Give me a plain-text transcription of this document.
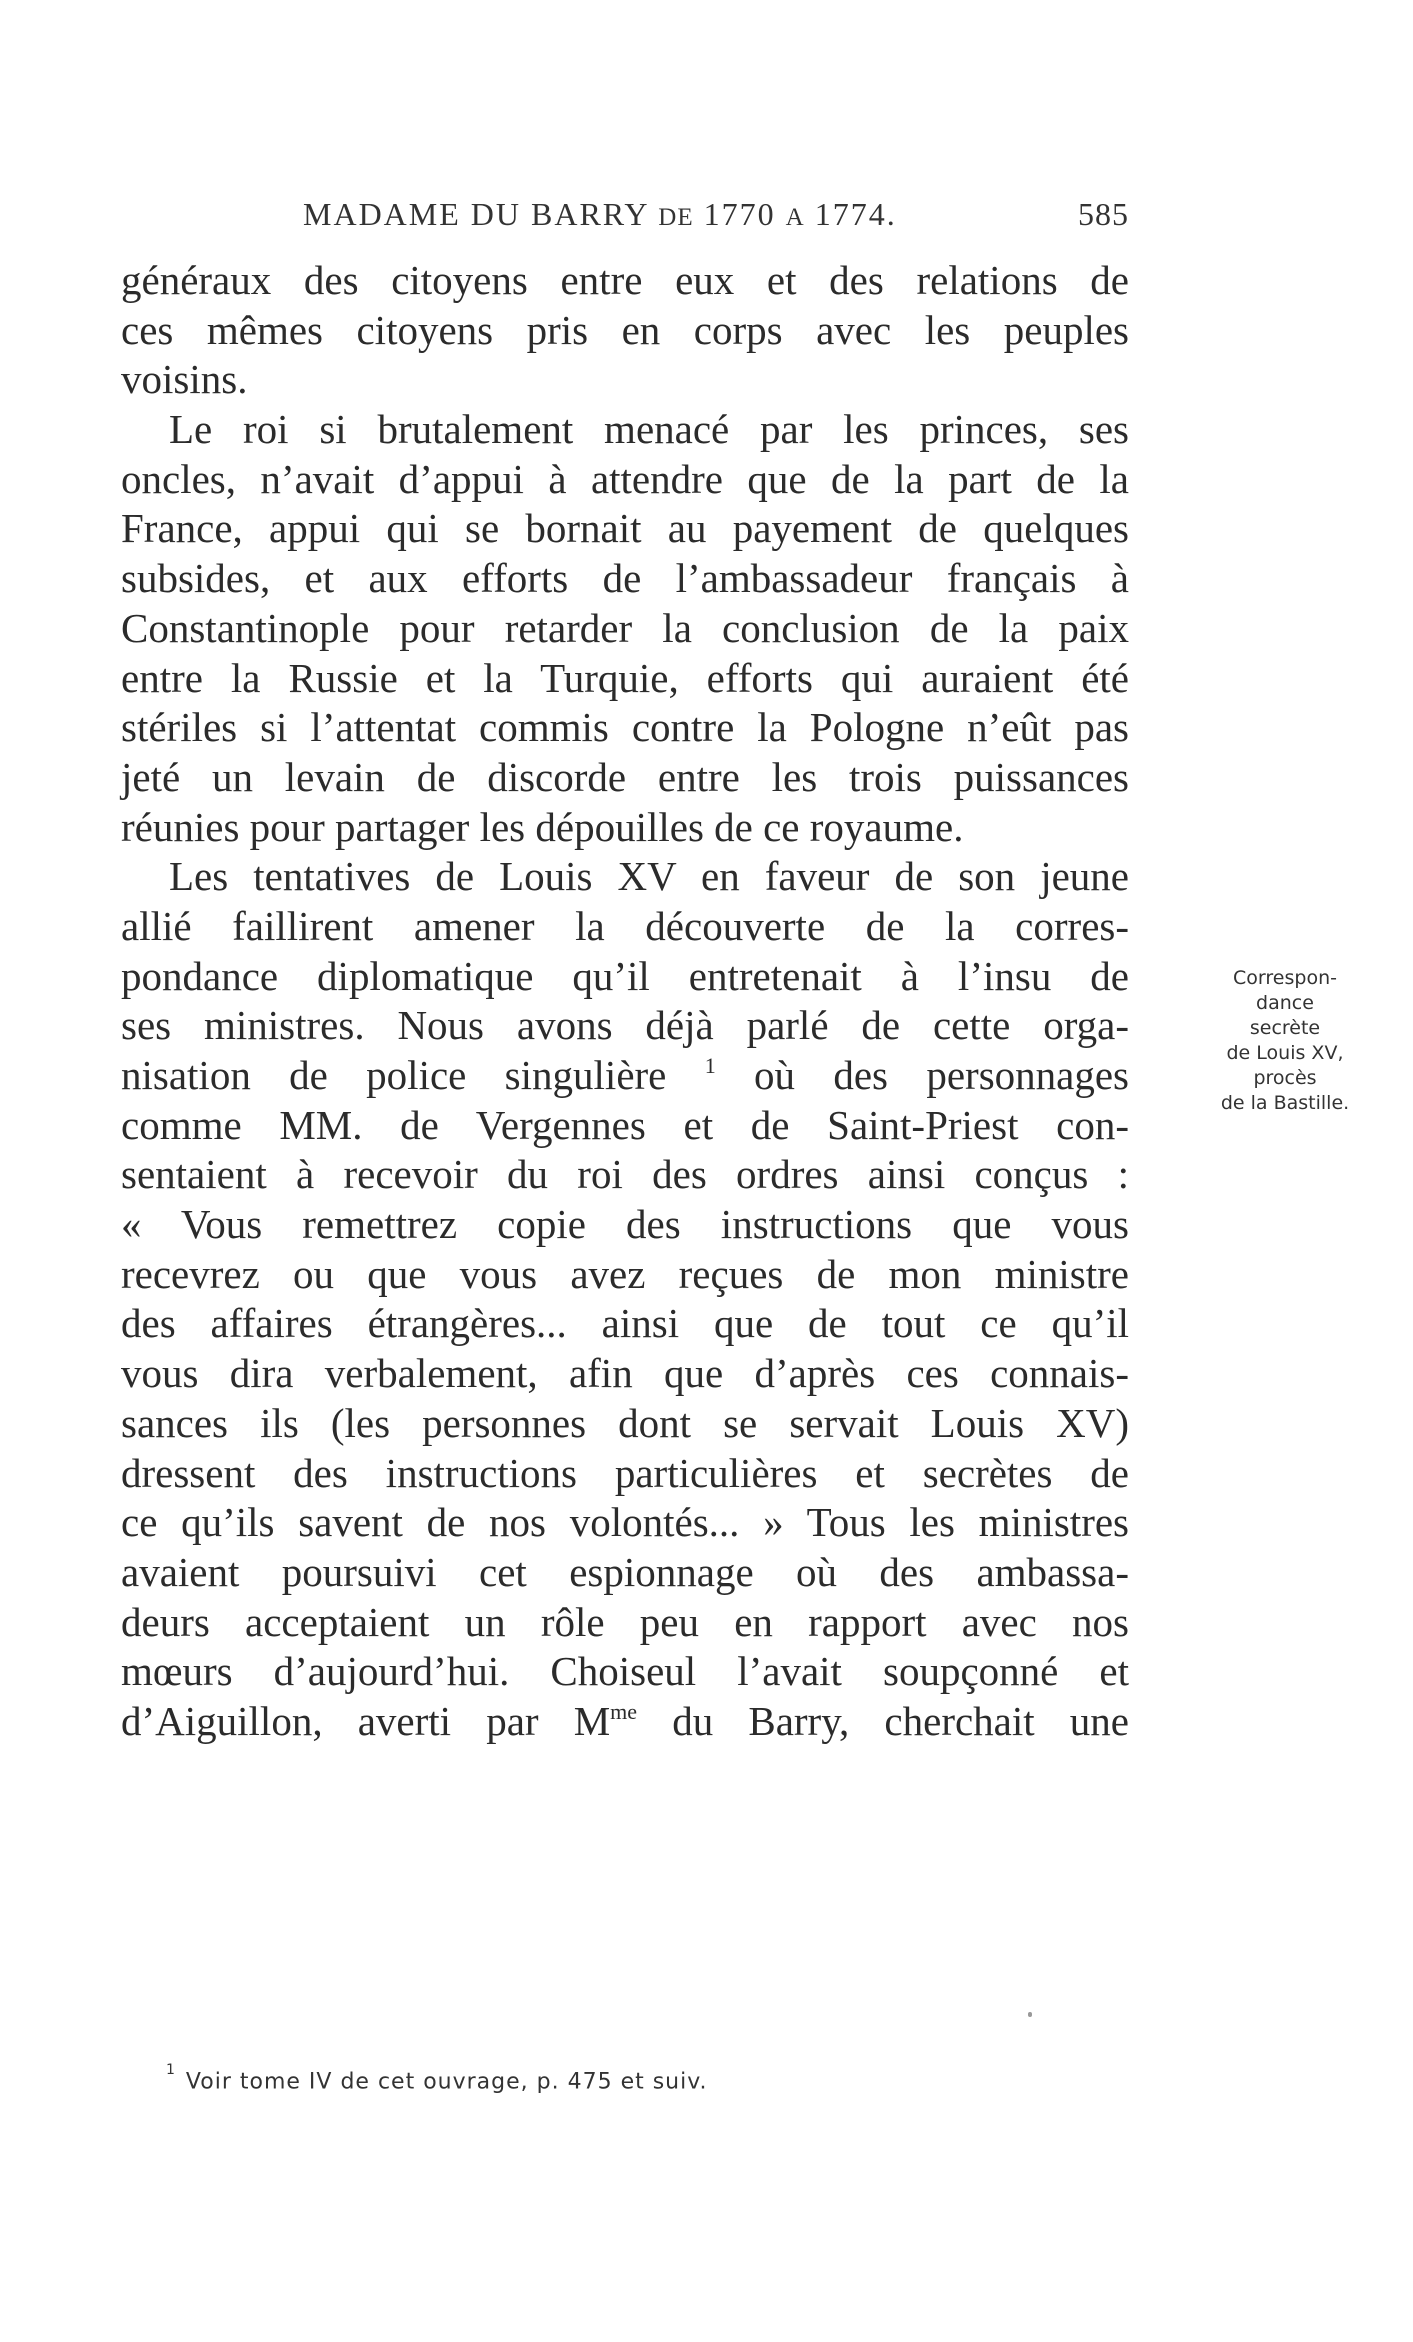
MADAME DU BARRY DE 1770 A 1774.	585
généraux des citoyens entre eux et des relations de
ces mêmes citoyens pris en corps avec les peuples
voisins.
Le roi si brutalement menacé par les princes, ses
oncles, n’avait d’appui à attendre que de la part de la
France, appui qui se bornait au payement de quelques
subsides, et aux efforts de l’ambassadeur français à
Constantinople pour retarder la conclusion de la paix
entre la Russie et la Turquie, efforts qui auraient été
stériles si l’attentat commis contre la Pologne n’eût pas
jeté un levain de discorde entre les trois puissances
réunies pour partager les dépouilles de ce royaume.
Les tentatives de Louis XV en faveur de son jeune
allié faillirent amener la découverte de la corres-
pondance diplomatique qu’il entretenait à l’insu de
ses ministres. Nous avons déjà parlé de cette orga-
nisation de police singulière $^1$ où des personnages
comme MM. de Vergennes et de Saint-Priest con-
sentaient à recevoir du roi des ordres ainsi conçus :
« Vous remettrez copie des instructions que vous
recevrez ou que vous avez reçues de mon ministre
des affaires étrangères... ainsi que de tout ce qu’il
vous dira verbalement, afin que d’après ces connais-
sances ils (les personnes dont se servait Louis XV)
dressent des instructions particulières et secrètes de
ce qu’ils savent de nos volontés... » Tous les ministres
avaient poursuivi cet espionnage où des ambassa-
deurs acceptaient un rôle peu en rapport avec nos
mœurs d’aujourd’hui. Choiseul l’avait soupçonné et
d’Aiguillon, averti par $M^{me}$ du Barry, cherchait une
Correspon-
dance
secrète
de Louis XV,
procès
de la Bastille.
$^1$ Voir tome IV de cet ouvrage, p. 475 et suiv.
